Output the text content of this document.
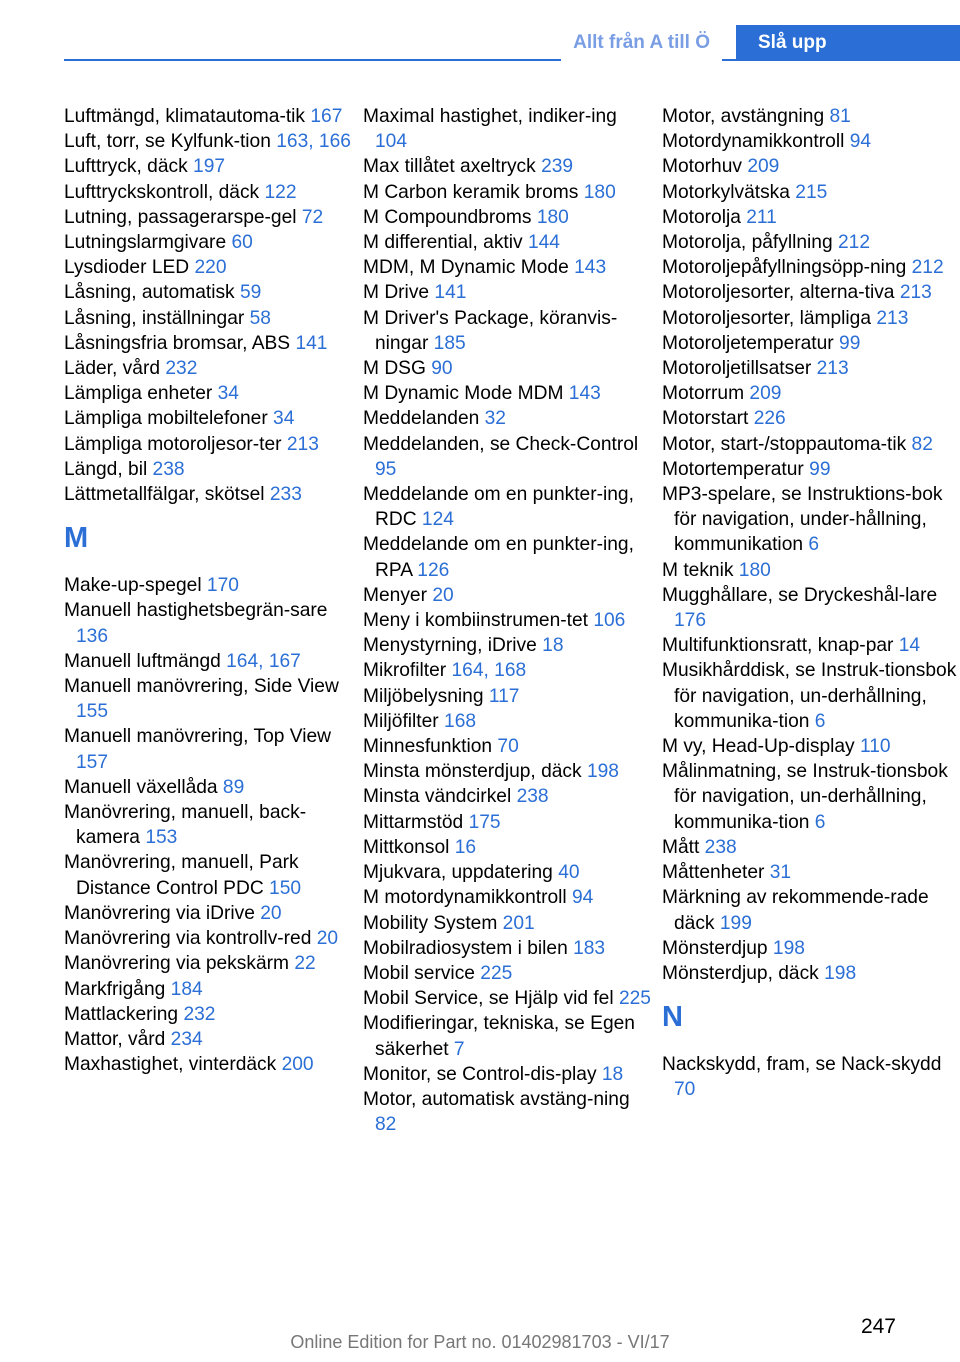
Allt från A till Ö	Slå upp
Luftmängd, klimatautoma-tik 167
Luft, torr, se Kylfunk-tion 163, 166
Lufttryck, däck 197
Lufttryckskontroll, däck 122
Lutning, passagerarspe-gel 72
Lutningslarmgivare 60
Lysdioder LED 220
Låsning, automatisk 59
Låsning, inställningar 58
Låsningsfria bromsar, ABS 141
Läder, vård 232
Lämpliga enheter 34
Lämpliga mobiltelefoner 34
Lämpliga motoroljesor-ter 213
Längd, bil 238
Lättmetallfälgar, skötsel 233
M
Make-up-spegel 170
Manuell hastighetsbegrän-sare 136
Manuell luftmängd 164, 167
Manuell manövrering, Side View 155
Manuell manövrering, Top View 157
Manuell växellåda 89
Manövrering, manuell, back-kamera 153
Manövrering, manuell, Park Distance Control PDC 150
Manövrering via iDrive 20
Manövrering via kontrollv-red 20
Manövrering via pekskärm 22
Markfrigång 184
Mattlackering 232
Mattor, vård 234
Maxhastighet, vinterdäck 200
Maximal hastighet, indiker-ing 104
Max tillåtet axeltryck 239
M Carbon keramik broms 180
M Compoundbroms 180
M differential, aktiv 144
MDM, M Dynamic Mode 143
M Drive 141
M Driver's Package, köranvis-ningar 185
M DSG 90
M Dynamic Mode MDM 143
Meddelanden 32
Meddelanden, se Check-Control 95
Meddelande om en punkter-ing, RDC 124
Meddelande om en punkter-ing, RPA 126
Menyer 20
Meny i kombiinstrumen-tet 106
Menystyrning, iDrive 18
Mikrofilter 164, 168
Miljöbelysning 117
Miljöfilter 168
Minnesfunktion 70
Minsta mönsterdjup, däck 198
Minsta vändcirkel 238
Mittarmstöd 175
Mittkonsol 16
Mjukvara, uppdatering 40
M motordynamikkontroll 94
Mobility System 201
Mobilradiosystem i bilen 183
Mobil service 225
Mobil Service, se Hjälp vid fel 225
Modifieringar, tekniska, se Egen säkerhet 7
Monitor, se Control-dis-play 18
Motor, automatisk avstäng-ning 82
Motor, avstängning 81
Motordynamikkontroll 94
Motorhuv 209
Motorkylvätska 215
Motorolja 211
Motorolja, påfyllning 212
Motoroljepåfyllningsöpp-ning 212
Motoroljesorter, alterna-tiva 213
Motoroljesorter, lämpliga 213
Motoroljetemperatur 99
Motoroljetillsatser 213
Motorrum 209
Motorstart 226
Motor, start-/stoppautoma-tik 82
Motortemperatur 99
MP3-spelare, se Instruktions-bok för navigation, under-hållning, kommunikation 6
M teknik 180
Mugghållare, se Dryckeshål-lare 176
Multifunktionsratt, knap-par 14
Musikhårddisk, se Instruk-tionsbok för navigation, un-derhållning, kommunika-tion 6
M vy, Head-Up-display 110
Målinmatning, se Instruk-tionsbok för navigation, un-derhållning, kommunika-tion 6
Mått 238
Måttenheter 31
Märkning av rekommende-rade däck 199
Mönsterdjup 198
Mönsterdjup, däck 198
N
Nackskydd, fram, se Nack-skydd 70
247
Online Edition for Part no. 01402981703 - VI/17
